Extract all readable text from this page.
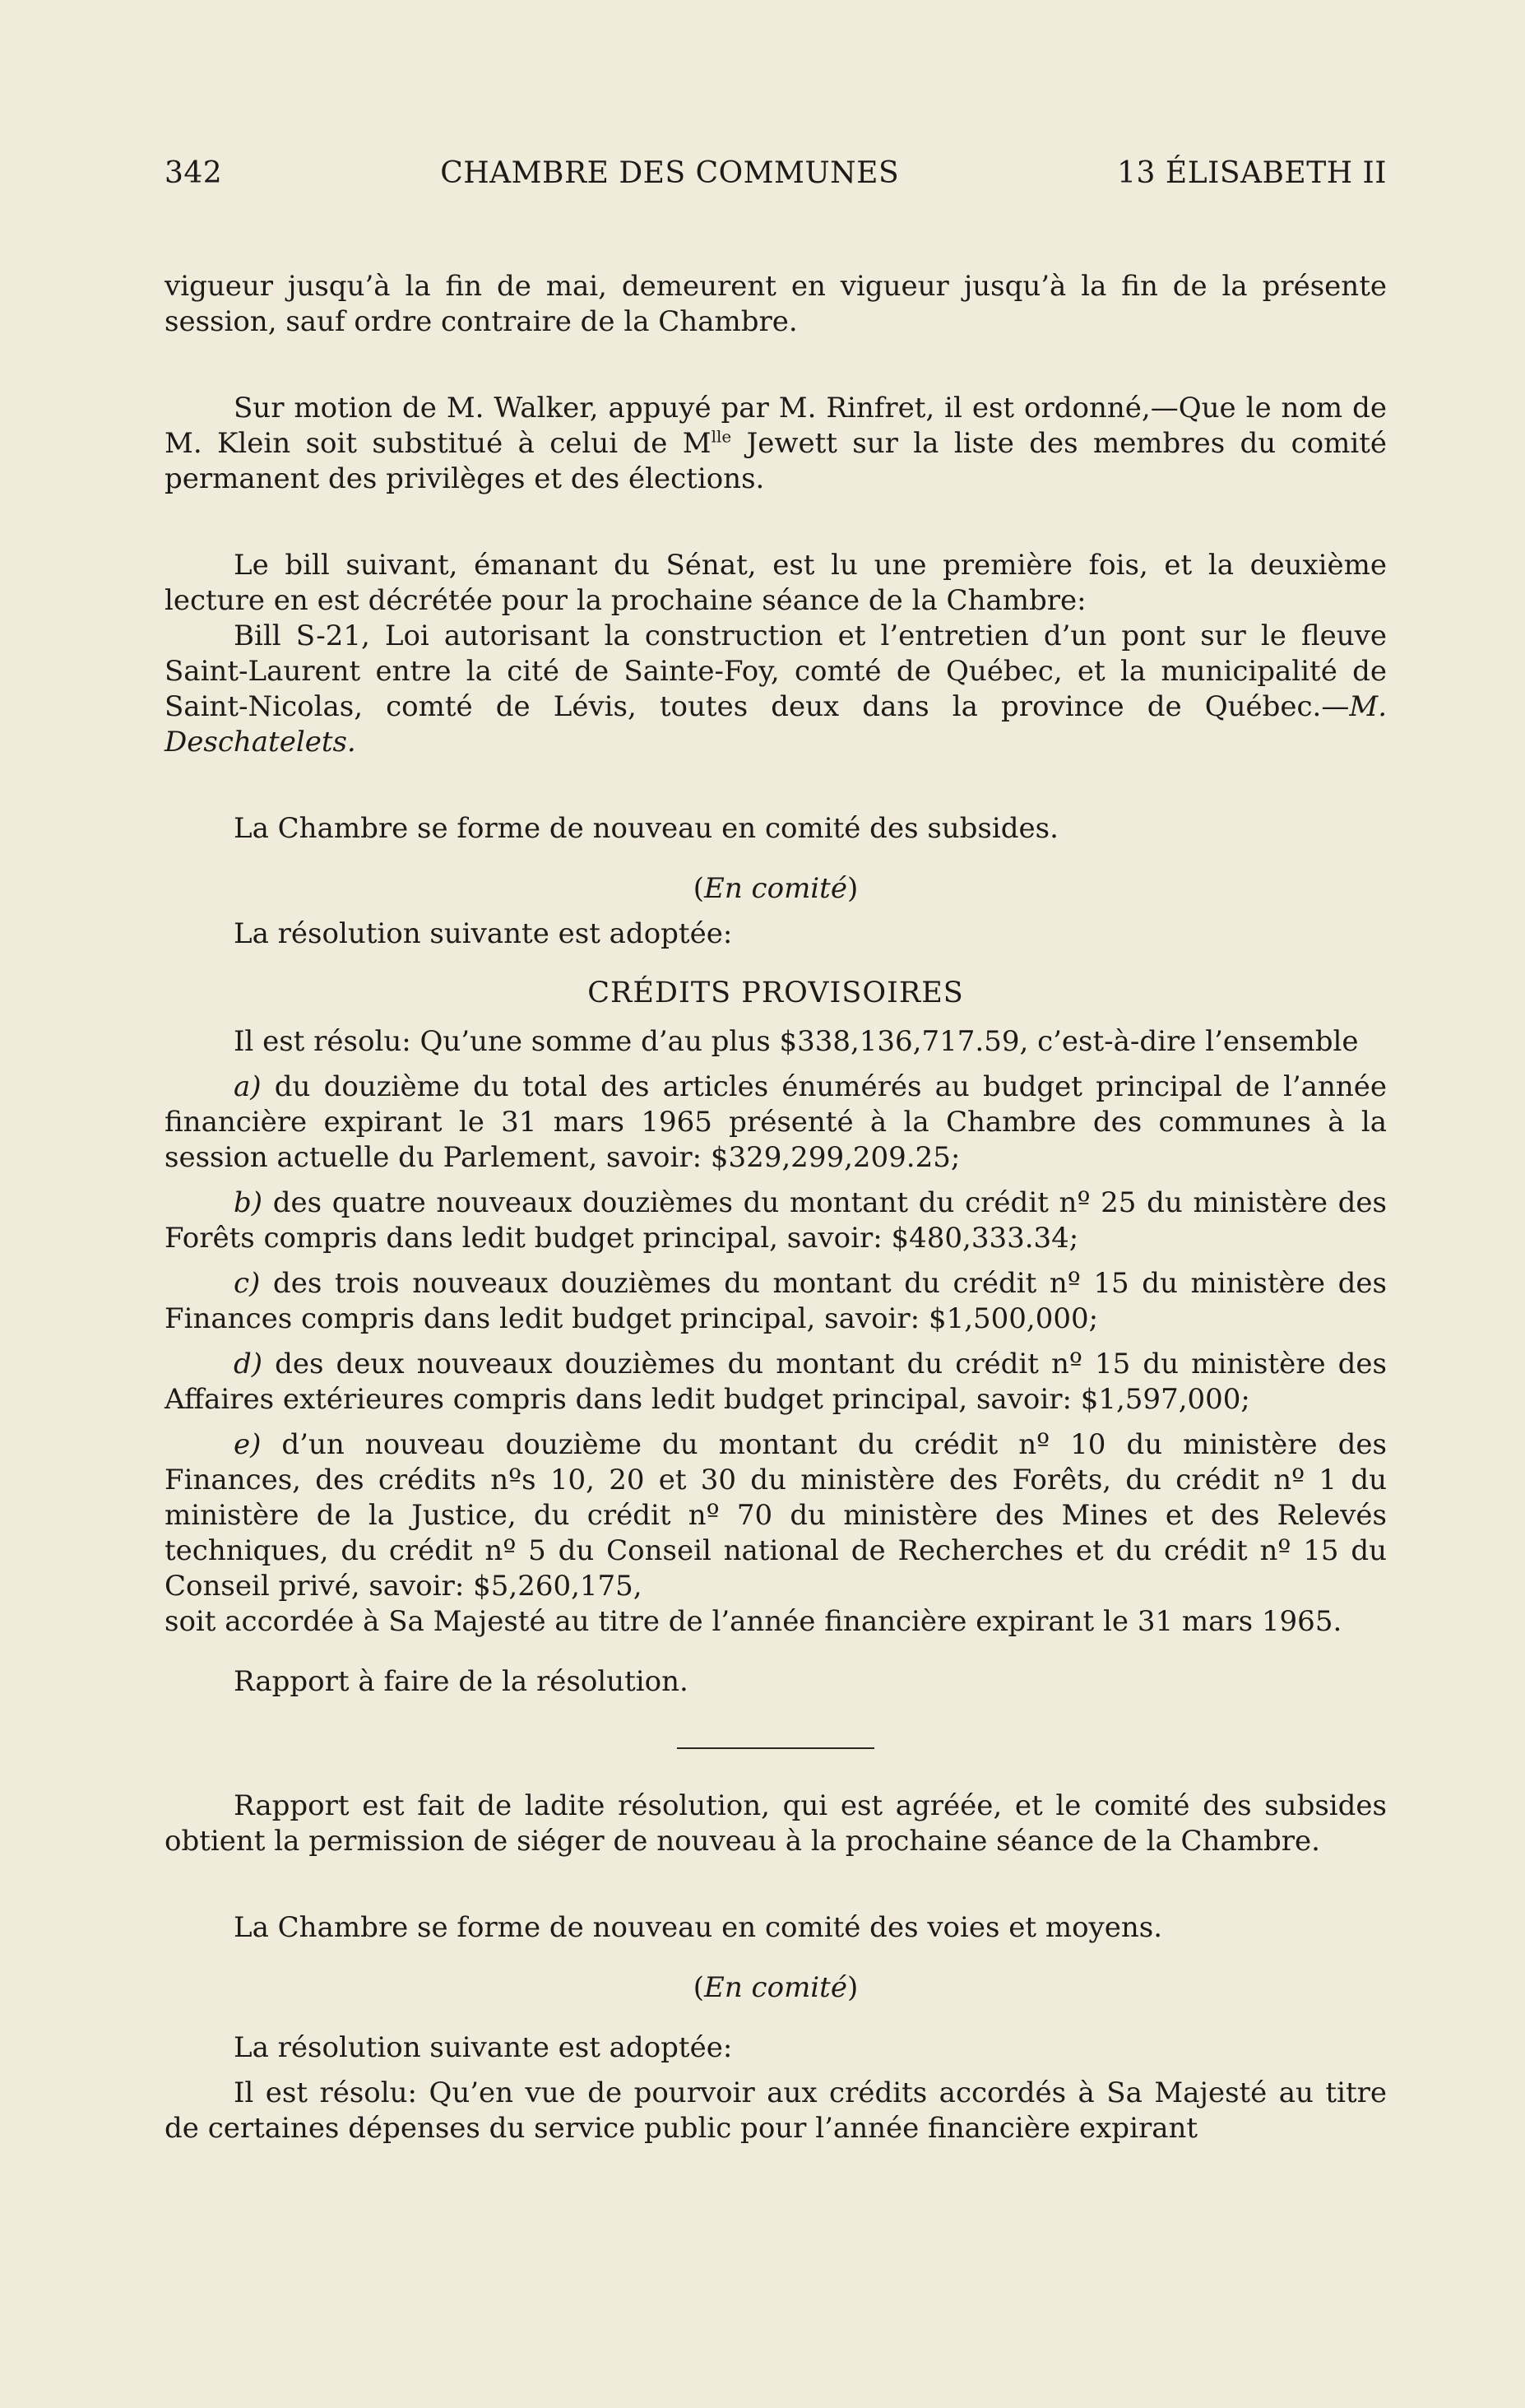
342	CHAMBRE DES COMMUNES	13 ÉLISABETH II

vigueur jusqu’à la fin de mai, demeurent en vigueur jusqu’à la fin de la présente session, sauf ordre contraire de la Chambre.

Sur motion de M. Walker, appuyé par M. Rinfret, il est ordonné,—Que le nom de M. Klein soit substitué à celui de $M^{lle}$ Jewett sur la liste des membres du comité permanent des privilèges et des élections.

Le bill suivant, émanant du Sénat, est lu une première fois, et la deuxième lecture en est décrétée pour la prochaine séance de la Chambre:

Bill S-21, Loi autorisant la construction et l’entretien d’un pont sur le fleuve Saint-Laurent entre la cité de Sainte-Foy, comté de Québec, et la municipalité de Saint-Nicolas, comté de Lévis, toutes deux dans la province de Québec.—M. Deschatelets.

La Chambre se forme de nouveau en comité des subsides.

(En comité)

La résolution suivante est adoptée:

CRÉDITS PROVISOIRES

Il est résolu: Qu’une somme d’au plus $338,136,717.59, c’est-à-dire l’ensemble

a) du douzième du total des articles énumérés au budget principal de l’année financière expirant le 31 mars 1965 présenté à la Chambre des communes à la session actuelle du Parlement, savoir: $329,299,209.25;

b) des quatre nouveaux douzièmes du montant du crédit nº 25 du ministère des Forêts compris dans ledit budget principal, savoir: $480,333.34;

c) des trois nouveaux douzièmes du montant du crédit nº 15 du ministère des Finances compris dans ledit budget principal, savoir: $1,500,000;

d) des deux nouveaux douzièmes du montant du crédit nº 15 du ministère des Affaires extérieures compris dans ledit budget principal, savoir: $1,597,000;

e) d’un nouveau douzième du montant du crédit nº 10 du ministère des Finances, des crédits nºs 10, 20 et 30 du ministère des Forêts, du crédit nº 1 du ministère de la Justice, du crédit nº 70 du ministère des Mines et des Relevés techniques, du crédit nº 5 du Conseil national de Recherches et du crédit nº 15 du Conseil privé, savoir: $5,260,175,

soit accordée à Sa Majesté au titre de l’année financière expirant le 31 mars 1965.

Rapport à faire de la résolution.

Rapport est fait de ladite résolution, qui est agréée, et le comité des subsides obtient la permission de siéger de nouveau à la prochaine séance de la Chambre.

La Chambre se forme de nouveau en comité des voies et moyens.

(En comité)

La résolution suivante est adoptée:

Il est résolu: Qu’en vue de pourvoir aux crédits accordés à Sa Majesté au titre de certaines dépenses du service public pour l’année financière expirant
